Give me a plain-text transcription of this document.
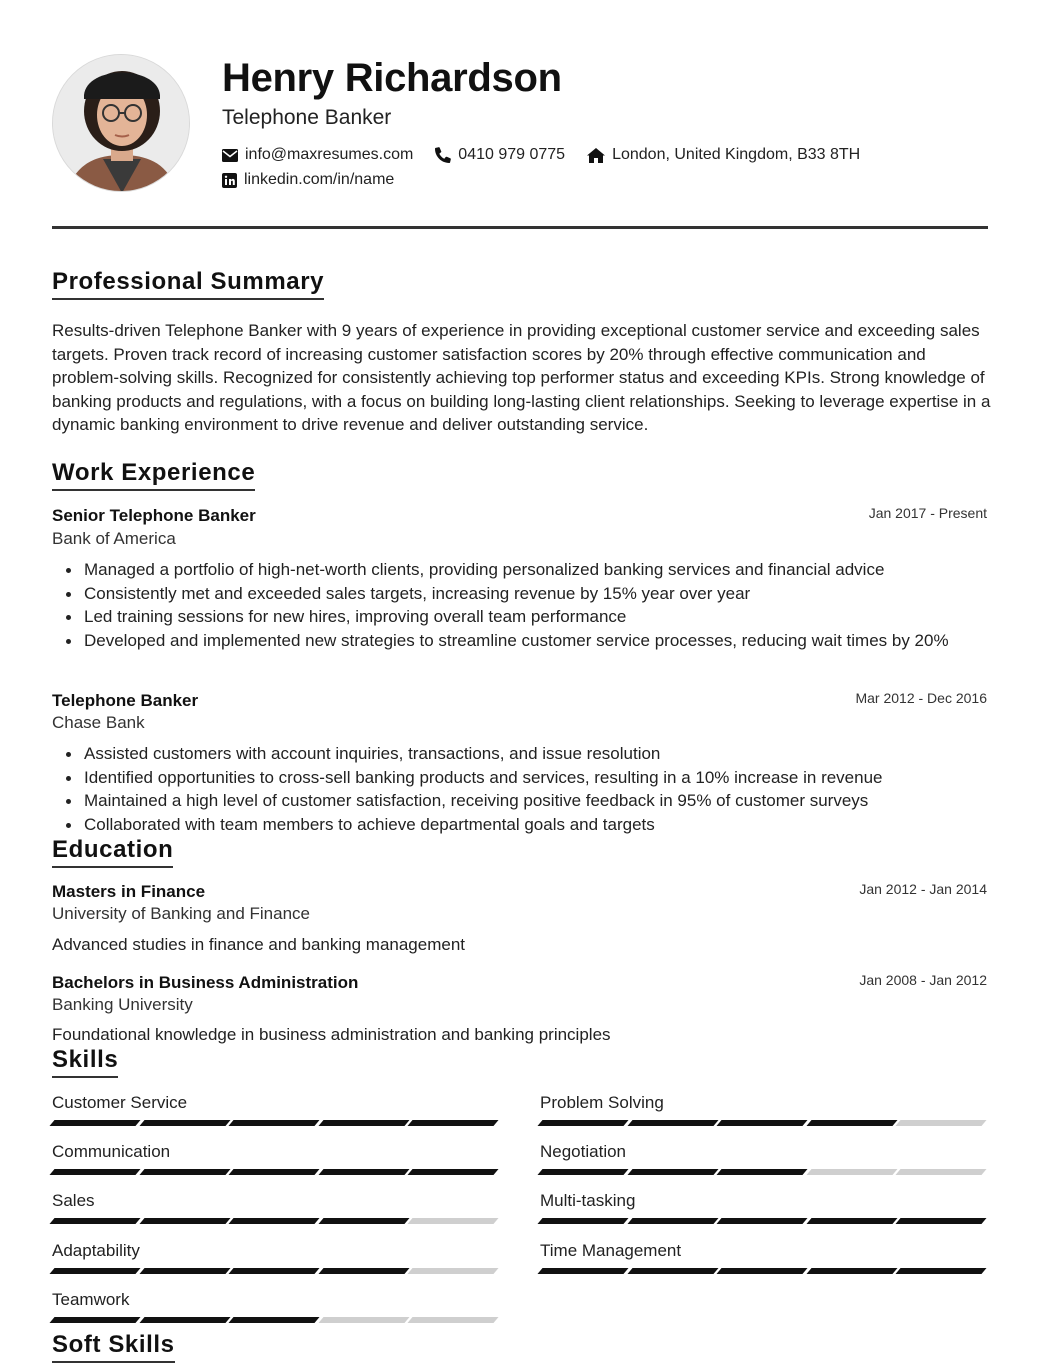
Henry Richardson
Telephone Banker
info@maxresumes.com	0410 979 0775	London, United Kingdom, B33 8TH
linkedin.com/in/name
Professional Summary

Results-driven Telephone Banker with 9 years of experience in providing exceptional customer service and exceeding sales targets. Proven track record of increasing customer satisfaction scores by 20% through effective communication and problem-solving skills. Recognized for consistently achieving top performer status and exceeding KPIs. Strong knowledge of banking products and regulations, with a focus on building long-lasting client relationships. Seeking to leverage expertise in a dynamic banking environment to drive revenue and deliver outstanding service.

Work Experience
Senior Telephone Banker	Jan 2017 - Present
Bank of America
Managed a portfolio of high-net-worth clients, providing personalized banking services and financial advice
Consistently met and exceeded sales targets, increasing revenue by 15% year over year
Led training sessions for new hires, improving overall team performance
Developed and implemented new strategies to streamline customer service processes, reducing wait times by 20%
Telephone Banker	Mar 2012 - Dec 2016
Chase Bank
Assisted customers with account inquiries, transactions, and issue resolution
Identified opportunities to cross-sell banking products and services, resulting in a 10% increase in revenue
Maintained a high level of customer satisfaction, receiving positive feedback in 95% of customer surveys
Collaborated with team members to achieve departmental goals and targets
Education
Masters in Finance	Jan 2012 - Jan 2014
University of Banking and Finance
Advanced studies in finance and banking management
Bachelors in Business Administration	Jan 2008 - Jan 2012
Banking University
Foundational knowledge in business administration and banking principles
Skills
Customer Service	Problem Solving
Communication	Negotiation
Sales	Multi-tasking
Adaptability	Time Management
Teamwork
Soft Skills
